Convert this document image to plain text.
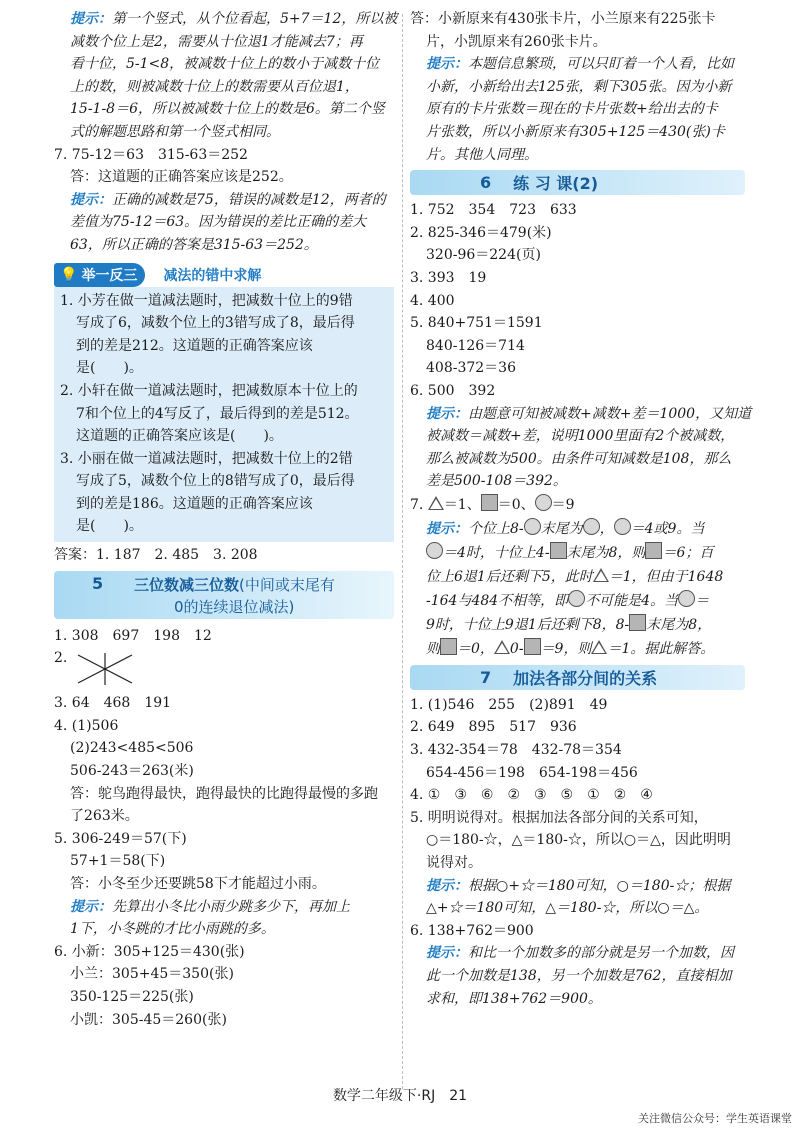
提示：第一个竖式，从个位看起，5+7＝12，所以被
减数个位上是2，需要从十位退1才能减去7；再
看十位，5-1<8，被减数十位上的数小于减数十位
上的数，则被减数十位上的数需要从百位退1，
15-1-8＝6，所以被减数十位上的数是6。第二个竖
式的解题思路和第一个竖式相同。
7. 75-12＝63　315-63＝252
答：这道题的正确答案应该是252。
提示：正确的减数是75，错误的减数是12，两者的
差值为75-12＝63。因为错误的差比正确的差大
63，所以正确的答案是315-63＝252。
💡 举一反三 减法的错中求解
1. 小芳在做一道减法题时，把减数十位上的9错
写成了6，减数个位上的3错写成了8，最后得
到的差是212。这道题的正确答案应该
是(　　)。
2. 小轩在做一道减法题时，把减数原本十位上的
7和个位上的4写反了，最后得到的差是512。
这道题的正确答案应该是(　　)。
3. 小丽在做一道减法题时，把减数十位上的2错
写成了5，减数个位上的8错写成了0，最后得
到的差是186。这道题的正确答案应该
是(　　)。
答案：1. 187　2. 485　3. 208
5 三位数减三位数(中间或末尾有
0的连续退位减法)
1. 308　697　198　12
2.
3. 64　468　191
4. (1)506
(2)243<485<506
506-243＝263(米)
答：鸵鸟跑得最快，跑得最快的比跑得最慢的多跑
了263米。
5. 306-249＝57(下)
57+1＝58(下)
答：小冬至少还要跳58下才能超过小雨。
提示：先算出小冬比小雨少跳多少下，再加上
1下，小冬跳的才比小雨跳的多。
6. 小新：305+125＝430(张)
小兰：305+45＝350(张)
350-125＝225(张)
小凯：305-45＝260(张)
答：小新原来有430张卡片，小兰原来有225张卡
片，小凯原来有260张卡片。
提示：本题信息繁琐，可以只盯着一个人看，比如
小新，小新给出去125张，剩下305张。因为小新
原有的卡片张数＝现在的卡片张数+给出去的卡
片张数，所以小新原来有305+125＝430(张)卡
片。其他人同理。
6 练 习 课(2)
1. 752　354　723　633
2. 825-346＝479(米)
320-96＝224(页)
3. 393　19
4. 400
5. 840+751＝1591
840-126＝714
408-372＝36
6. 500　392
提示：由题意可知被减数+减数+差＝1000，又知道
被减数＝减数+差，说明1000里面有2个被减数，
那么被减数为500。由条件可知减数是108，那么
差是500-108＝392。
7. ＝1、 ＝0、 ＝9
提示：个位上8- 末尾为 ， ＝4或9。当
＝4时，十位上4- 末尾为8，则 ＝6；百
位上6退1后还剩下5，此时 ＝1，但由于1648
-164与484不相等，即 不可能是4。当 ＝
9时，十位上9退1后还剩下8，8- 末尾为8，
则 ＝0， 0- ＝9，则 ＝1。据此解答。
7 加法各部分间的关系
1. (1)546　255　(2)891　49
2. 649　895　517　936
3. 432-354＝78　432-78＝354
654-456＝198　654-198＝456
4. ①　③　⑥　②　③　⑤　①　②　④
5. 明明说得对。根据加法各部分间的关系可知，
○＝180-☆，△＝180-☆，所以○＝△，因此明明
说得对。
提示：根据○+☆＝180可知，○＝180-☆；根据
△+☆＝180可知，△＝180-☆，所以○＝△。
6. 138+762＝900
提示：和比一个加数多的部分就是另一个加数，因
此一个加数是138，另一个加数是762，直接相加
求和，即138+762＝900。
数学二年级下·RJ　21
关注微信公众号：学生英语课堂
